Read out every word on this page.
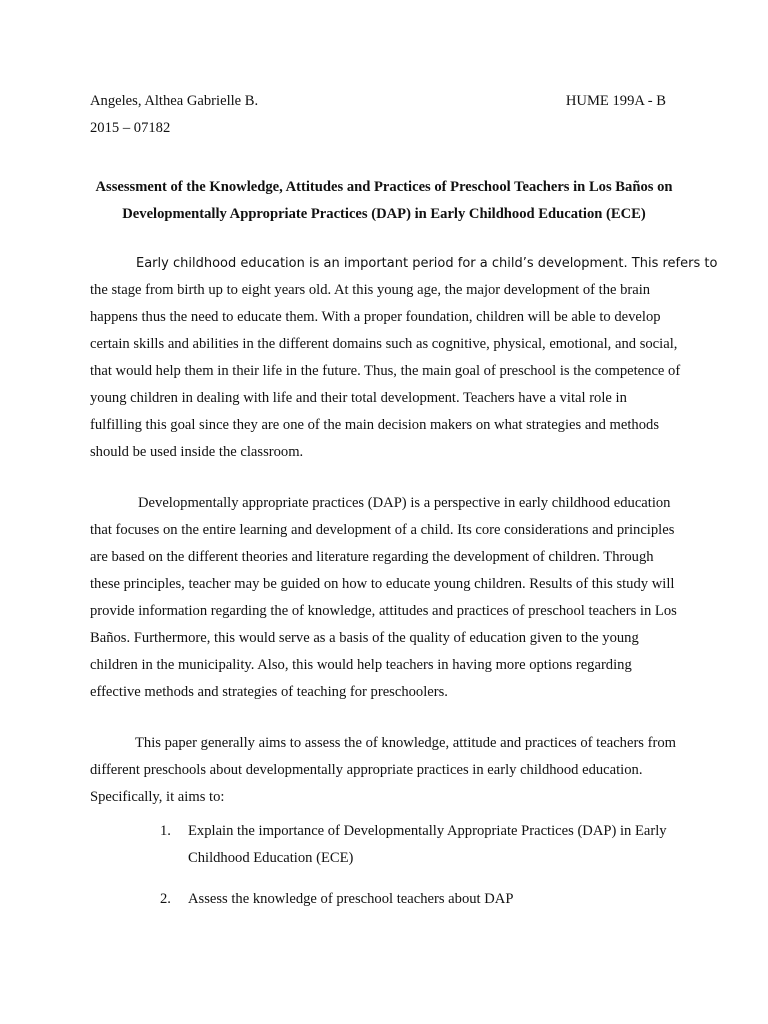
Angeles, Althea Gabrielle B.	HUME 199A - B
2015 – 07182
Assessment of the Knowledge, Attitudes and Practices of Preschool Teachers in Los Baños on Developmentally Appropriate Practices (DAP) in Early Childhood Education (ECE)
Early childhood education is an important period for a child’s development. This refers to
the stage from birth up to eight years old. At this young age, the major development of the brain happens thus the need to educate them. With a proper foundation, children will be able to develop certain skills and abilities in the different domains such as cognitive, physical, emotional, and social, that would help them in their life in the future. Thus, the main goal of preschool is the competence of young children in dealing with life and their total development. Teachers have a vital role in fulfilling this goal since they are one of the main decision makers on what strategies and methods should be used inside the classroom.

Developmentally appropriate practices (DAP) is a perspective in early childhood education that focuses on the entire learning and development of a child. Its core considerations and principles are based on the different theories and literature regarding the development of children. Through these principles, teacher may be guided on how to educate young children. Results of this study will provide information regarding the of knowledge, attitudes and practices of preschool teachers in Los Baños. Furthermore, this would serve as a basis of the quality of education given to the young children in the municipality. Also, this would help teachers in having more options regarding effective methods and strategies of teaching for preschoolers.

This paper generally aims to assess the of knowledge, attitude and practices of teachers from different preschools about developmentally appropriate practices in early childhood education. Specifically, it aims to:

1. Explain the importance of Developmentally Appropriate Practices (DAP) in Early Childhood Education (ECE)
2. Assess the knowledge of preschool teachers about DAP
